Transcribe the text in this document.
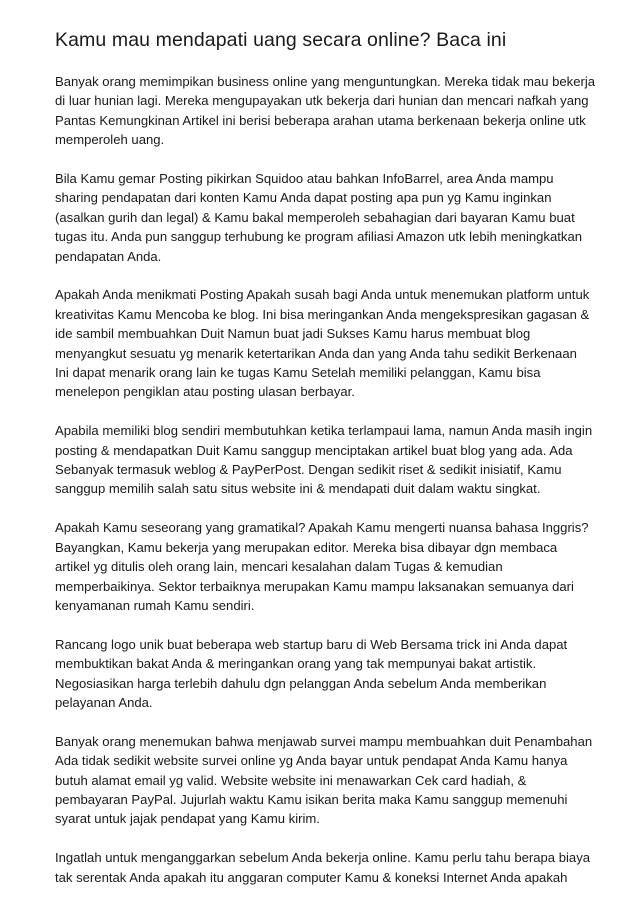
Kamu mau mendapati uang secara online? Baca ini

Banyak orang memimpikan business online yang menguntungkan. Mereka tidak mau bekerja
di luar hunian lagi. Mereka mengupayakan utk bekerja dari hunian dan mencari nafkah yang
Pantas Kemungkinan Artikel ini berisi beberapa arahan utama berkenaan bekerja online utk
memperoleh uang.

Bila Kamu gemar Posting pikirkan Squidoo atau bahkan InfoBarrel, area Anda mampu
sharing pendapatan dari konten Kamu Anda dapat posting apa pun yg Kamu inginkan
(asalkan gurih dan legal) & Kamu bakal memperoleh sebahagian dari bayaran Kamu buat
tugas itu. Anda pun sanggup terhubung ke program afiliasi Amazon utk lebih meningkatkan
pendapatan Anda.

Apakah Anda menikmati Posting Apakah susah bagi Anda untuk menemukan platform untuk
kreativitas Kamu Mencoba ke blog. Ini bisa meringankan Anda mengekspresikan gagasan &
ide sambil membuahkan Duit Namun buat jadi Sukses Kamu harus membuat blog
menyangkut sesuatu yg menarik ketertarikan Anda dan yang Anda tahu sedikit Berkenaan
Ini dapat menarik orang lain ke tugas Kamu Setelah memiliki pelanggan, Kamu bisa
menelepon pengiklan atau posting ulasan berbayar.

Apabila memiliki blog sendiri membutuhkan ketika terlampaui lama, namun Anda masih ingin
posting & mendapatkan Duit Kamu sanggup menciptakan artikel buat blog yang ada. Ada
Sebanyak termasuk weblog & PayPerPost. Dengan sedikit riset & sedikit inisiatif, Kamu
sanggup memilih salah satu situs website ini & mendapati duit dalam waktu singkat.

Apakah Kamu seseorang yang gramatikal? Apakah Kamu mengerti nuansa bahasa Inggris?
Bayangkan, Kamu bekerja yang merupakan editor. Mereka bisa dibayar dgn membaca
artikel yg ditulis oleh orang lain, mencari kesalahan dalam Tugas & kemudian
memperbaikinya. Sektor terbaiknya merupakan Kamu mampu laksanakan semuanya dari
kenyamanan rumah Kamu sendiri.

Rancang logo unik buat beberapa web startup baru di Web Bersama trick ini Anda dapat
membuktikan bakat Anda & meringankan orang yang tak mempunyai bakat artistik.
Negosiasikan harga terlebih dahulu dgn pelanggan Anda sebelum Anda memberikan
pelayanan Anda.

Banyak orang menemukan bahwa menjawab survei mampu membuahkan duit Penambahan
Ada tidak sedikit website survei online yg Anda bayar untuk pendapat Anda Kamu hanya
butuh alamat email yg valid. Website website ini menawarkan Cek card hadiah, &
pembayaran PayPal. Jujurlah waktu Kamu isikan berita maka Kamu sanggup memenuhi
syarat untuk jajak pendapat yang Kamu kirim.

Ingatlah untuk menganggarkan sebelum Anda bekerja online. Kamu perlu tahu berapa biaya
tak serentak Anda apakah itu anggaran computer Kamu & koneksi Internet Anda apakah
